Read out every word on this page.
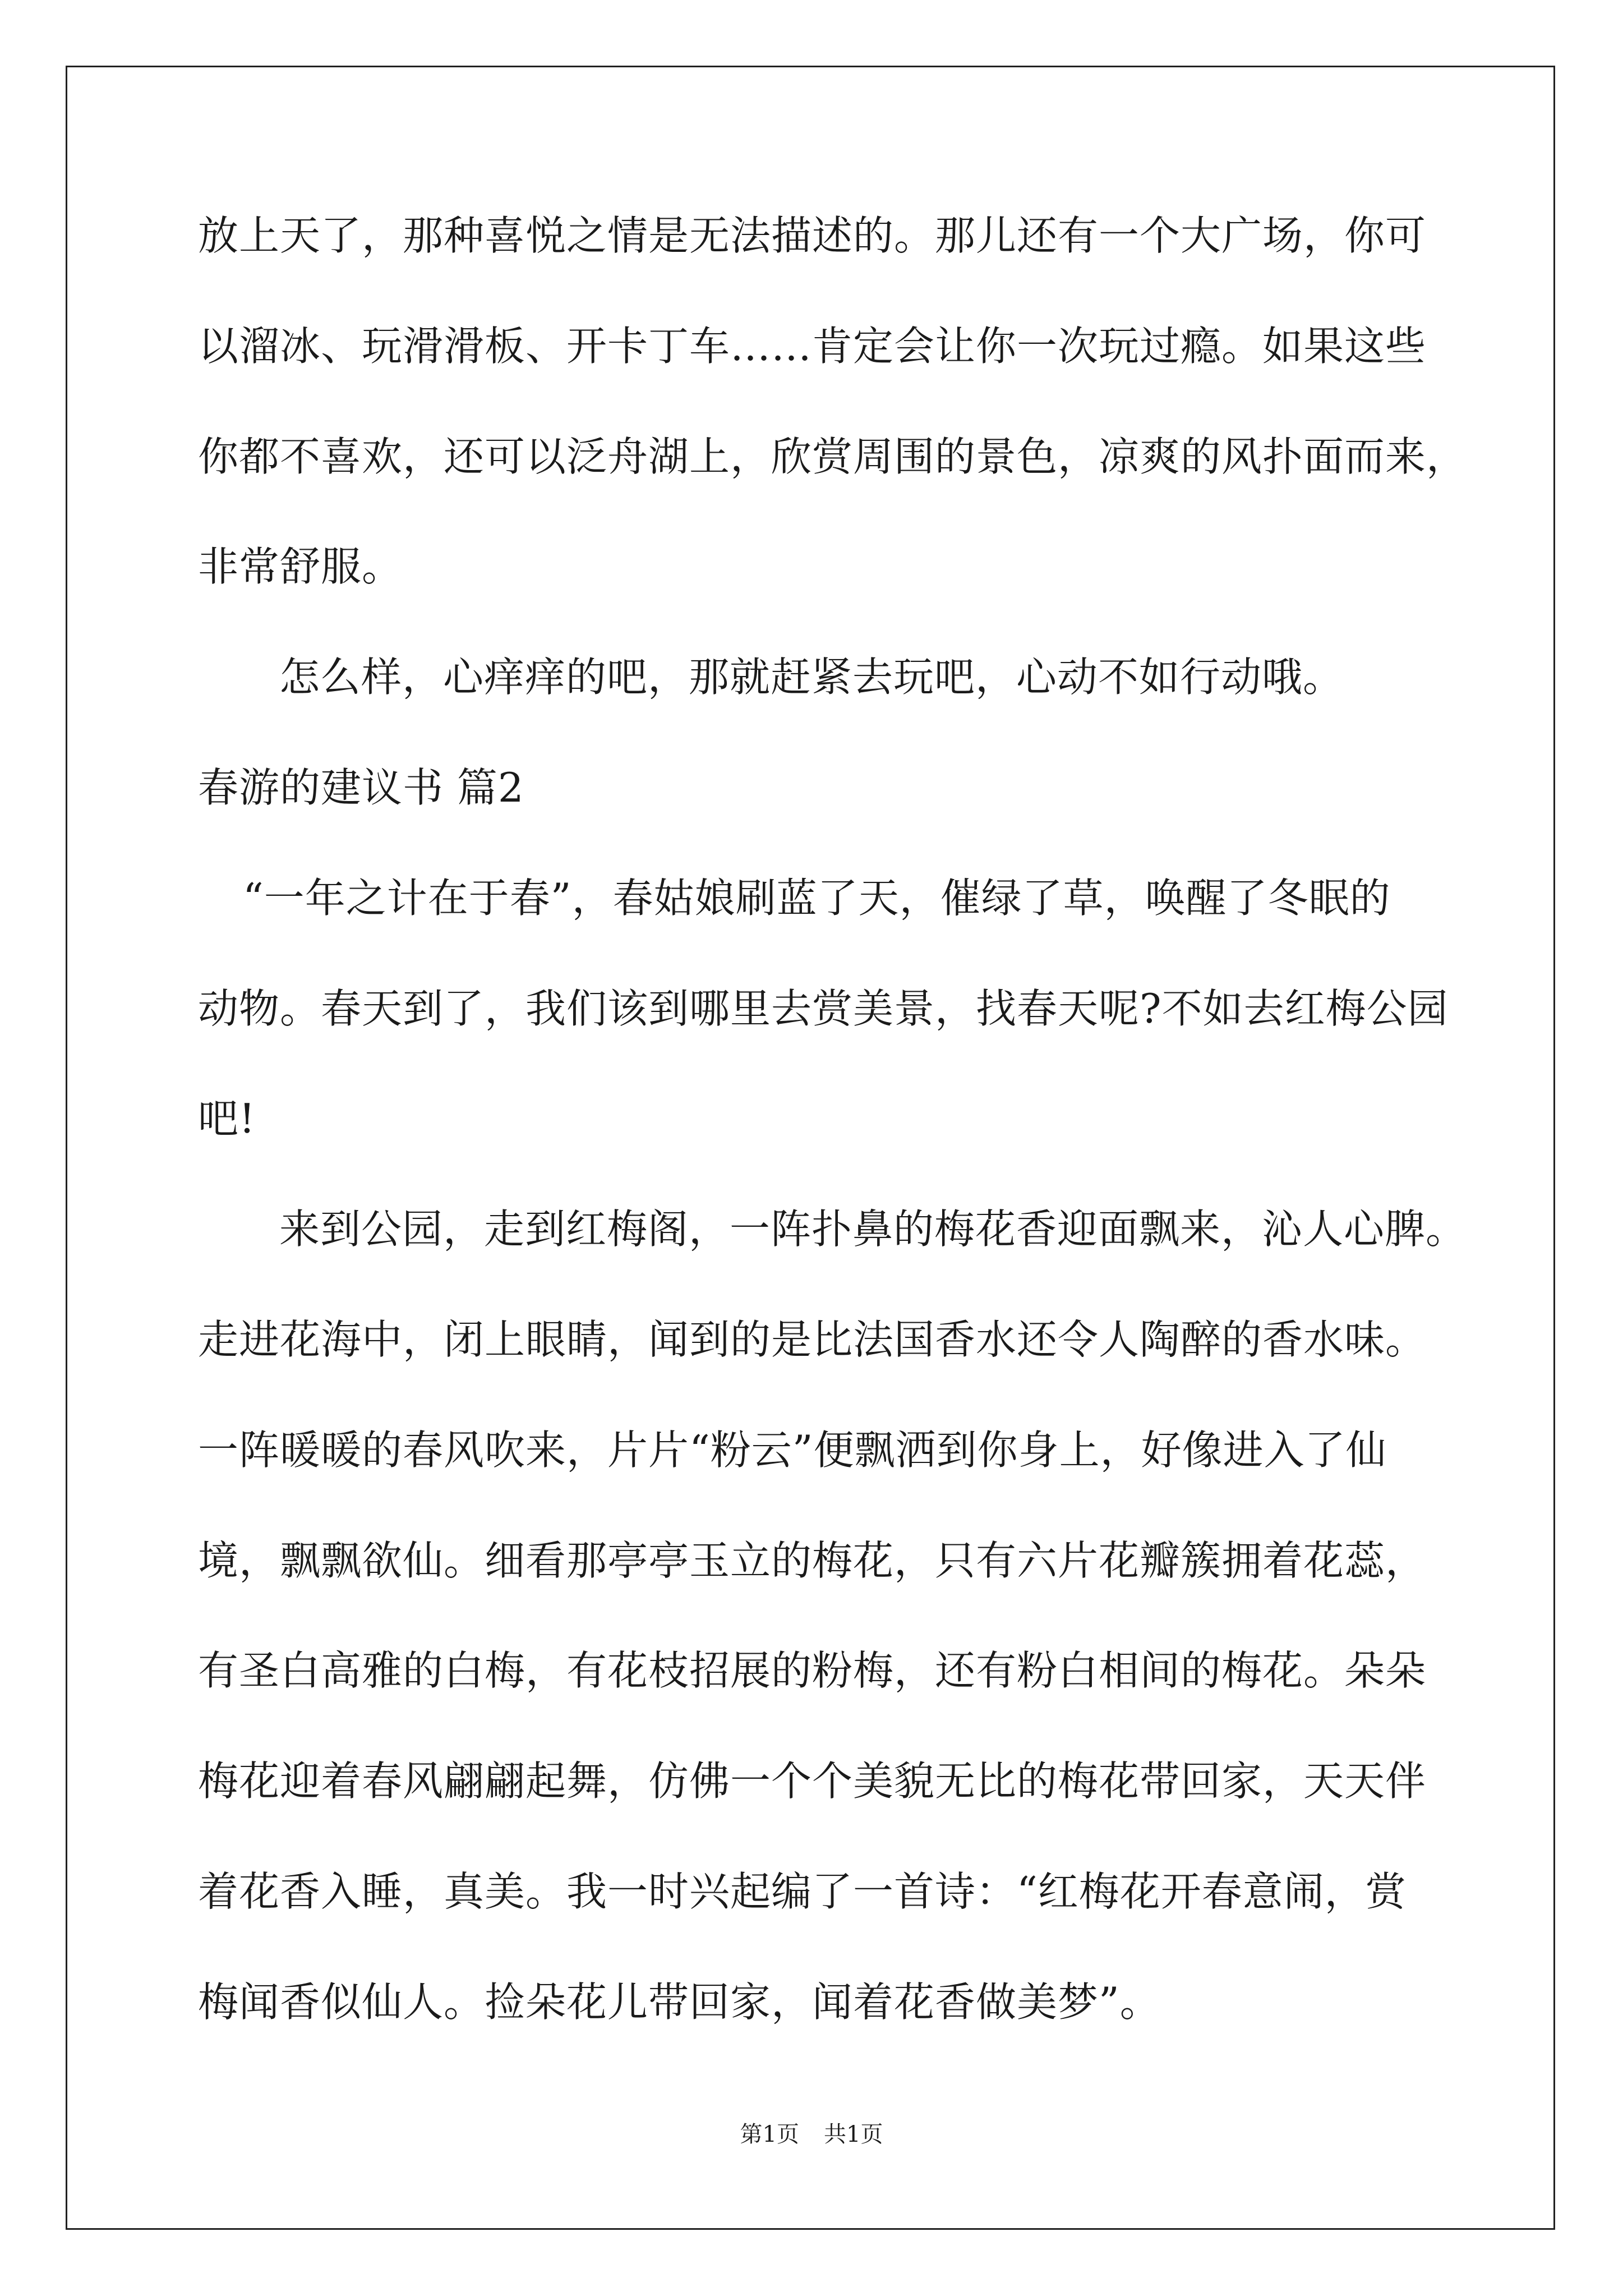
放上天了，那种喜悦之情是无法描述的。那儿还有一个大广场，你可
以溜冰、玩滑滑板、开卡丁车……肯定会让你一次玩过瘾。如果这些
你都不喜欢，还可以泛舟湖上，欣赏周围的景色，凉爽的风扑面而来，
非常舒服。
怎么样，心痒痒的吧，那就赶紧去玩吧，心动不如行动哦。
春游的建议书 篇2
“一年之计在于春”，春姑娘刷蓝了天，催绿了草，唤醒了冬眠的
动物。春天到了，我们该到哪里去赏美景，找春天呢?不如去红梅公园
吧!
来到公园，走到红梅阁，一阵扑鼻的梅花香迎面飘来，沁人心脾。
走进花海中，闭上眼睛，闻到的是比法国香水还令人陶醉的香水味。
一阵暖暖的春风吹来，片片“粉云”便飘洒到你身上，好像进入了仙
境，飘飘欲仙。细看那亭亭玉立的梅花，只有六片花瓣簇拥着花蕊，
有圣白高雅的白梅，有花枝招展的粉梅，还有粉白相间的梅花。朵朵
梅花迎着春风翩翩起舞，仿佛一个个美貌无比的梅花带回家，天天伴
着花香入睡，真美。我一时兴起编了一首诗：“红梅花开春意闹，赏
梅闻香似仙人。捡朵花儿带回家，闻着花香做美梦”。
第1页 共1页
